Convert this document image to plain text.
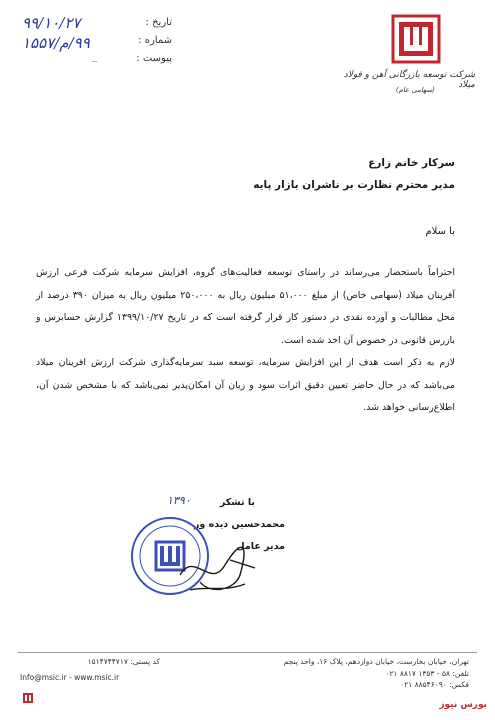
تاریخ :
۹۹/۱۰/۲۷
شماره :
پیوست :
۹۹/م/۱۵۵۷
_
شرکت توسعه بازرگانی آهن و فولاد میلاد
(سهامی عام)
سرکار خانم زارع
مدیر محترم نظارت بر ناشران بازار پایه
با سلام

احتراماً باستحضار می‌رساند در راستای توسعه فعالیت‌های گروه، افزایش سرمایه شرکت فرعی ارزش آفرینان میلاد (سهامی خاص) از مبلغ ۵۱،۰۰۰ میلیون ریال به ۲۵۰،۰۰۰ میلیون ریال به میزان ۳۹۰ درصد از محل مطالبات و آورده نقدی در دستور کار قرار گرفته است که در تاریخ ۱۳۹۹/۱۰/۲۷ گزارش حسابرس و بازرس قانونی در خصوص آن اخذ شده است.

لازم به ذکر است هدف از این افزایش سرمایه، توسعه سبد سرمایه‌گذاری شرکت ارزش افرینان میلاد می‌باشد که در حال حاضر تعیین دقیق اثرات سود و زیان آن امکان‌پذیر نمی‌باشد که با مشخص شدن آن، اطلاع‌رسانی خواهد شد.

با تشکر
محمدحسین دیده ور
مدیر عامل
۱۳۹۰
تهران، خیابان بخارست، خیابان دوازدهم، پلاک ۱۶، واحد پنجم
تلفن: ۵۸ - ۱۳۵۳ ۸۸۱۷ ۰۲۱
فکس: ۸۸۵۴۶۰۹۰ ۰۲۱
کد پستی: ۱۵۱۴۷۴۴۷۱۷
Info@msic.ir - www.msic.ir
بورس نیوز
